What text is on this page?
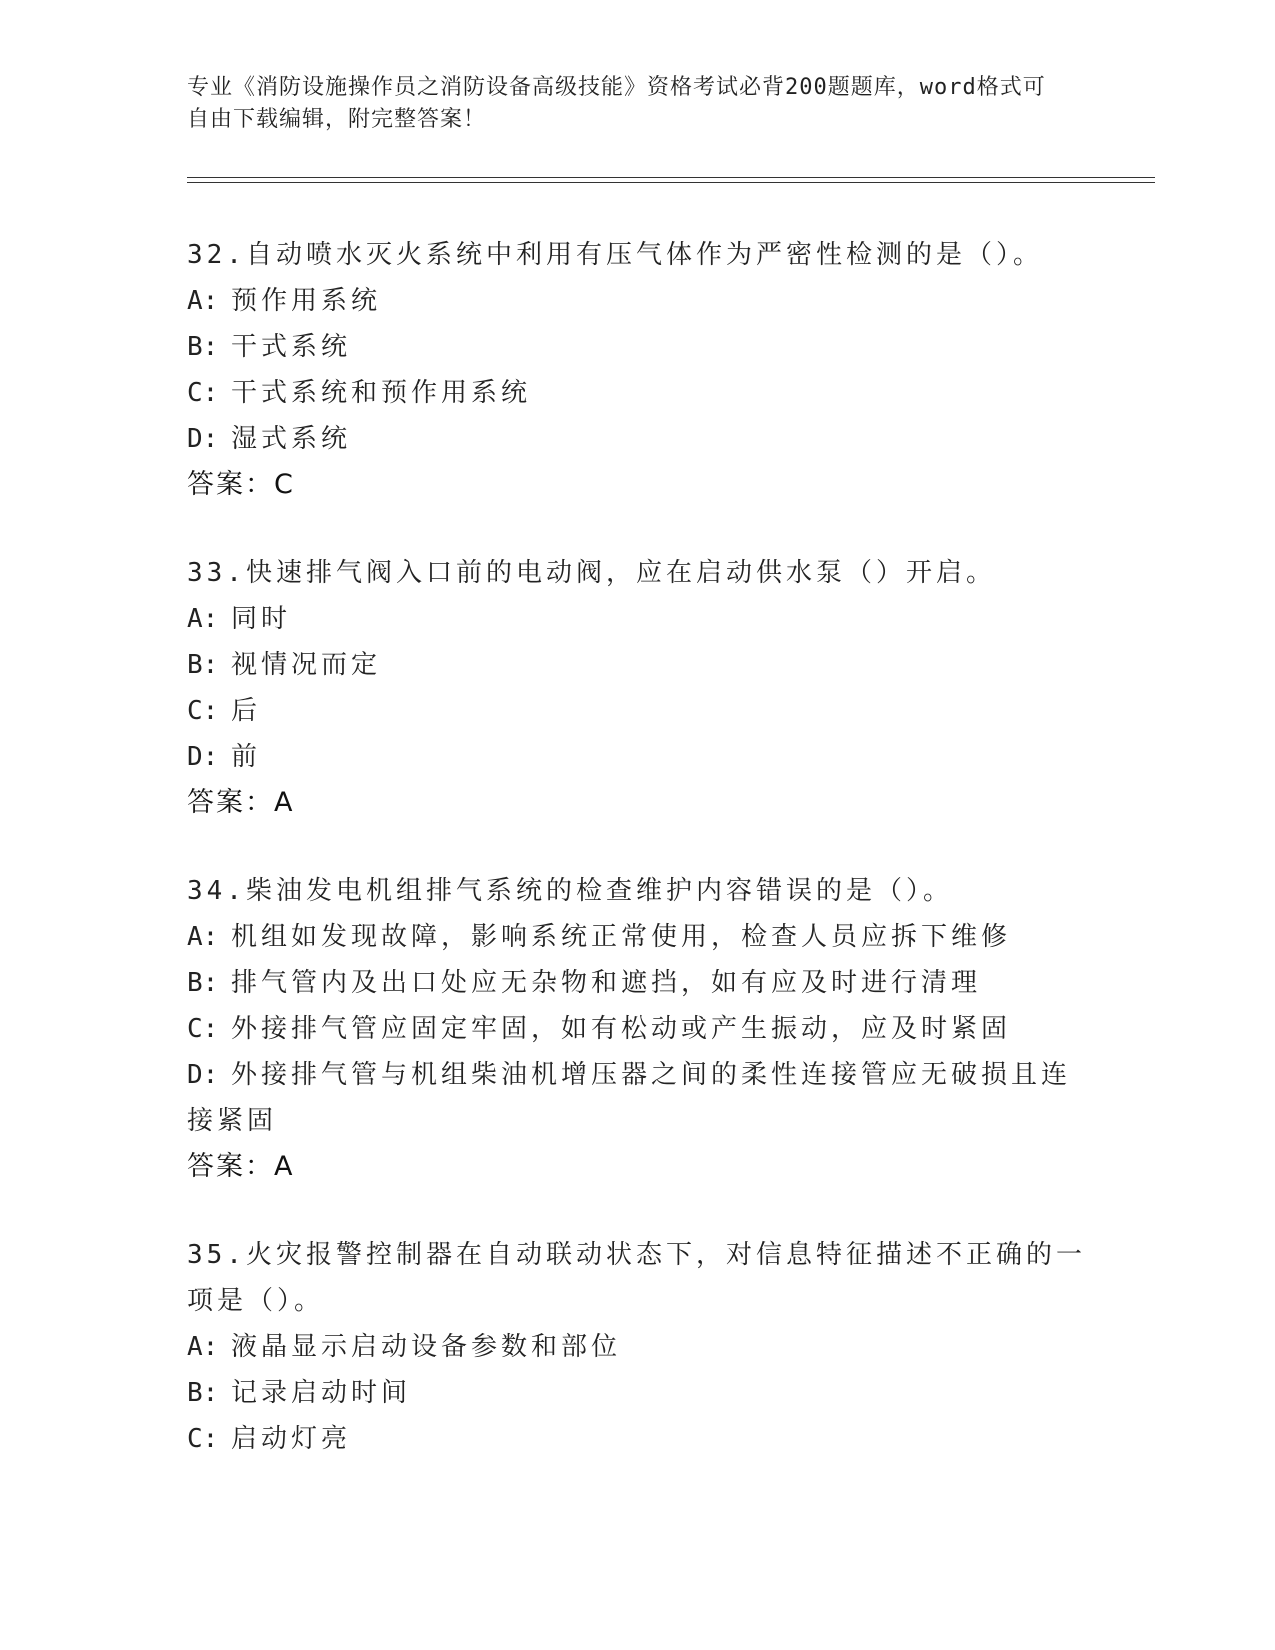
专业《消防设施操作员之消防设备高级技能》资格考试必背200题题库，word格式可自由下载编辑，附完整答案！
32.自动喷水灭火系统中利用有压气体作为严密性检测的是（）。
A: 预作用系统
B: 干式系统
C: 干式系统和预作用系统
D: 湿式系统
答案：C
33.快速排气阀入口前的电动阀，应在启动供水泵（）开启。
A: 同时
B: 视情况而定
C: 后
D: 前
答案：A
34.柴油发电机组排气系统的检查维护内容错误的是（）。
A: 机组如发现故障，影响系统正常使用，检查人员应拆下维修
B: 排气管内及出口处应无杂物和遮挡，如有应及时进行清理
C: 外接排气管应固定牢固，如有松动或产生振动，应及时紧固
D: 外接排气管与机组柴油机增压器之间的柔性连接管应无破损且连接紧固
答案：A
35.火灾报警控制器在自动联动状态下，对信息特征描述不正确的一项是（）。
A: 液晶显示启动设备参数和部位
B: 记录启动时间
C: 启动灯亮
